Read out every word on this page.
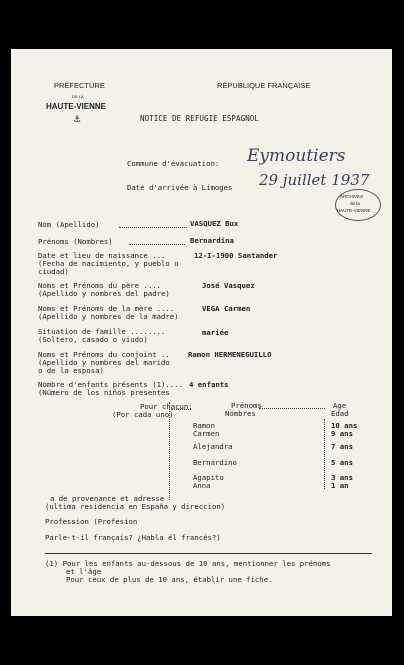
PRÉFECTURE
DE LA
HAUTE-VIENNE
⚓
RÉPUBLIQUE FRANÇAISE
NOTICE DE REFUGIE ESPAGNOL
Commune d'évacuation: Eymoutiers
Date d'arrivée à Limoges 29 juillet 1937
ARCHIVES
de la
HAUTE-VIENNE
Nom (Apellido)	VASQUEZ Bux
Prénoms (Nombres)	Bernardina
Date et lieu de naissance ...
(Fecha de nacimiento, y pueblo o
ciudad)
12-I-1900 Santander
Noms et Prénoms du père ....
(Apellido y nombres del padre)
José Vasquez
Noms et Prénoms de la mère ....
(Apellido y nombres de la madre)
VEGA Carmen
Situation de famille ........
(Soltero, casado o viudo)
mariée
Noms et Prénoms du conjoint ..
(Apellido y nombres del marido
o de la esposa)
Ramon HERMENEGUILLO
Nombre d'enfants présents (1)....
(Número de los niños presentes
4 enfants
Pour chacun:
(Por cada uno)
Prénoms
Nombres
Age
Edad
Ramon
Carmen
Alejandra
Bernardino
Agapito
Anna
10 ans
9 ans
7 ans
5 ans
3 ans
1 an
a de provenance et adresse
(ultima residencia en España y direccion)
Profession (Profesion
Parle-t-il français? ¿Habla él francés?)
(1) Pour les enfants au-dessous de 10 ans, mentionner les prénoms
et l'âge
Pour ceux de plus de 10 ans, établir une fiche.
